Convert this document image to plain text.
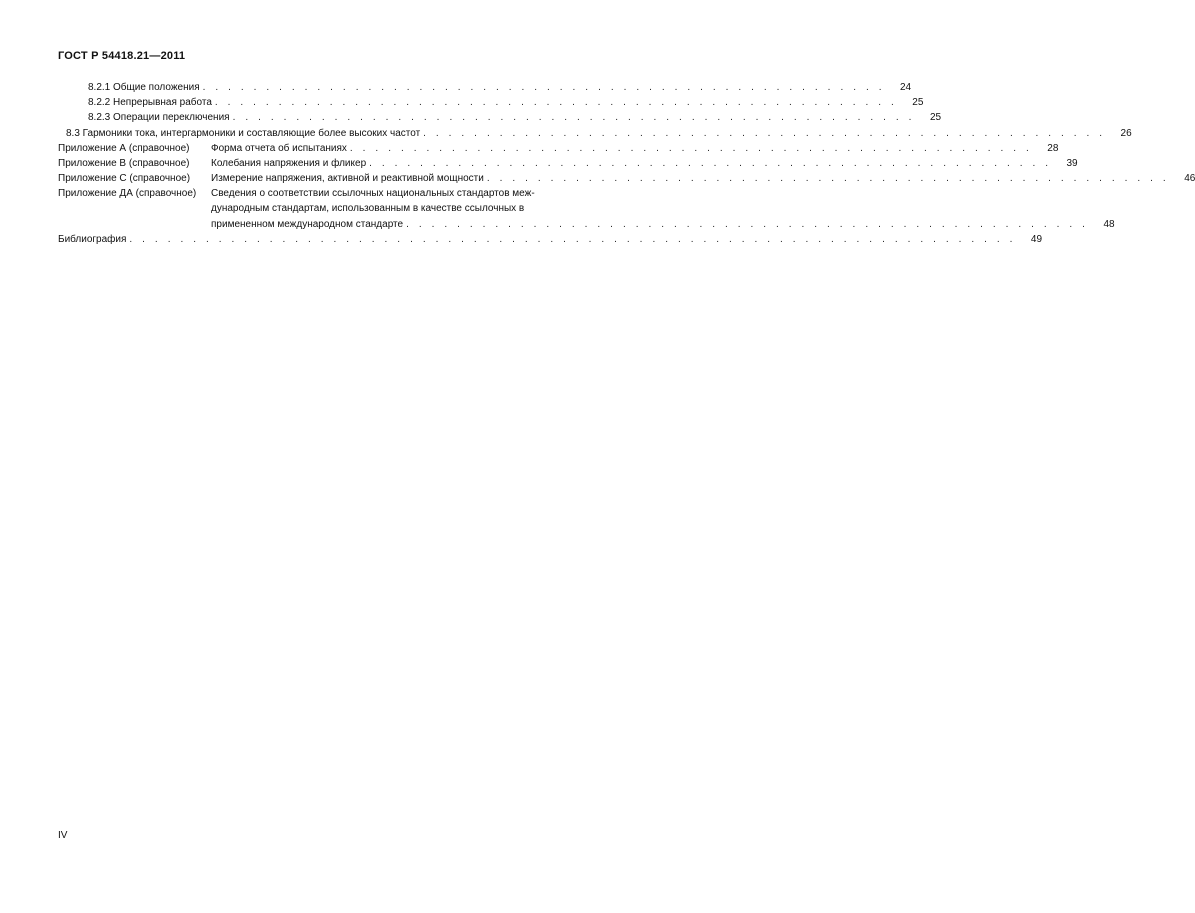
ГОСТ Р 54418.21—2011
8.2.1 Общие положения . . . . . . . . . . . . . . . . . . . . . . . . . . . . . . . . . . . . . . . . . . . . . . . . . . . . . .	24
8.2.2 Непрерывная работа . . . . . . . . . . . . . . . . . . . . . . . . . . . . . . . . . . . . . . . . . . . . . . . . . . . . . .	25
8.2.3 Операции переключения . . . . . . . . . . . . . . . . . . . . . . . . . . . . . . . . . . . . . . . . . . . . . . . . . . . . . .	25
8.3 Гармоники тока, интергармоники и составляющие более высоких частот . . . . . . . . . . . . . . . . . . . . . . . . . . . . . . . . . . . . . . . . . . . . . . . . . . . . . .	26
Приложение А (справочное)	Форма отчета об испытаниях . . . . . . . . . . . . . . . . . . . . . . . . . . . . . . . . . . . . . . . . . . . . . . . . . . . . . .	28
Приложение В (справочное)	Колебания напряжения и фликер . . . . . . . . . . . . . . . . . . . . . . . . . . . . . . . . . . . . . . . . . . . . . . . . . . . . . .	39
Приложение С (справочное)	Измерение напряжения, активной и реактивной мощности . . . . . . . . . . . . . . . . . . . . . . . . . . . . . . . . . . . . . . . . . . . . . . . . . . . . . .	46
Приложение ДА (справочное)	Сведения о соответствии ссылочных национальных стандартов меж-
дународным стандартам, использованным в качестве ссылочных в
примененном международном стандарте . . . . . . . . . . . . . . . . . . . . . . . . . . . . . . . . . . . . . . . . . . . . . . . . . . . . . .	48
Библиография . . . . . . . . . . . . . . . . . . . . . . . . . . . . . . . . . . . . . . . . . . . . . . . . . . . . . . . . . . . . . . . . . . . . . .	49
IV
